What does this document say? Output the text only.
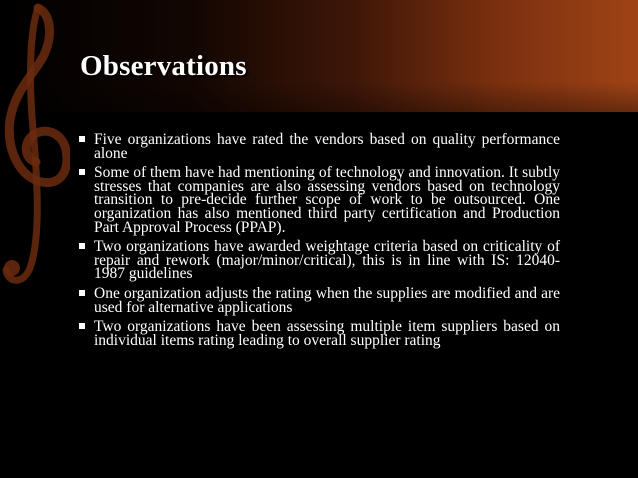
Observations
Five organizations have rated the vendors based on quality performance alone
Some of them have had mentioning of technology and innovation. It subtly stresses that companies are also assessing vendors based on technology transition to pre-decide further scope of work to be outsourced. One organization has also mentioned third party certification and Production Part Approval Process (PPAP).
Two organizations have awarded weightage criteria based on criticality of repair and rework (major/minor/critical), this is in line with IS: 12040-1987 guidelines
One organization adjusts the rating when the supplies are modified and are used for alternative applications
Two organizations have been assessing multiple item suppliers based on individual items rating leading to overall supplier rating
